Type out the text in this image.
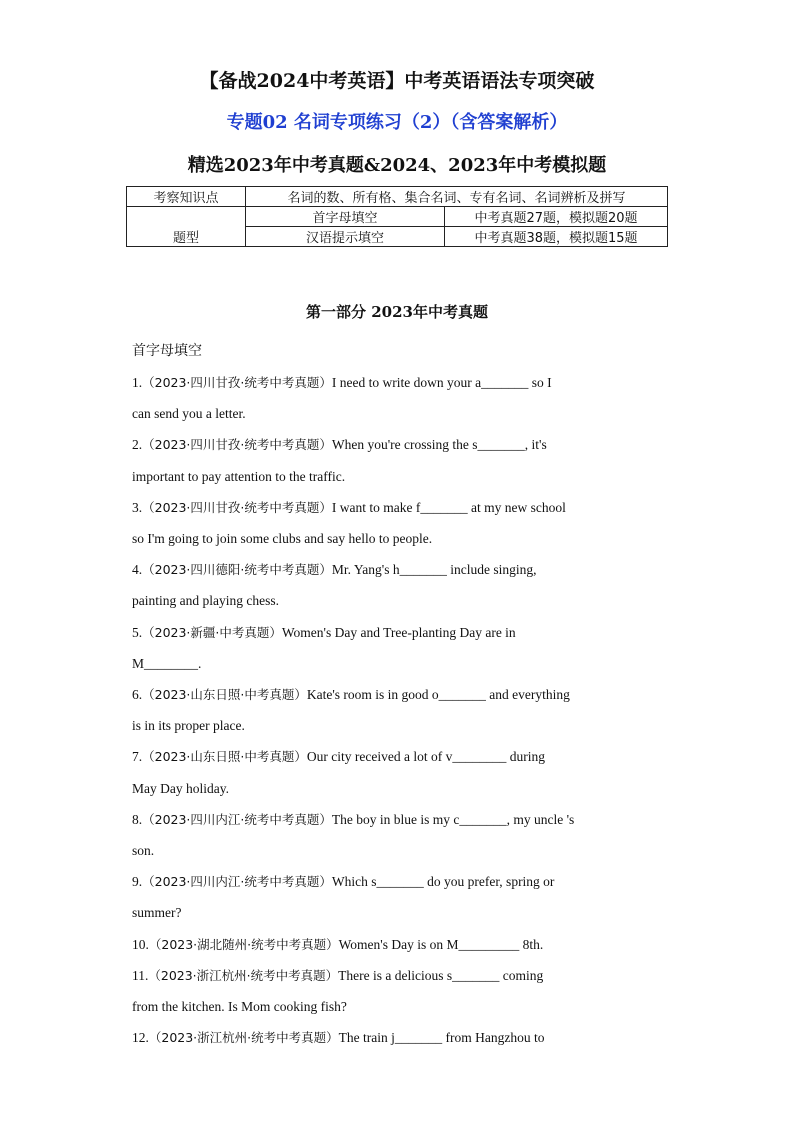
【备战2024中考英语】中考英语语法专项突破
专题02 名词专项练习（2）（含答案解析）
精选2023年中考真题&2024、2023年中考模拟题
考察知识点	名词的数、所有格、集合名词、专有名词、名词辨析及拼写	
题型	首字母填空	中考真题27题，模拟题20题
	汉语提示填空	中考真题38题，模拟题15题
第一部分 2023年中考真题
首字母填空
1.（2023·四川甘孜·统考中考真题）I need to write down your a_______ so I
can send you a letter.
2.（2023·四川甘孜·统考中考真题）When you're crossing the s_______, it's
important to pay attention to the traffic.
3.（2023·四川甘孜·统考中考真题）I want to make f_______ at my new school
so I'm going to join some clubs and say hello to people.
4.（2023·四川德阳·统考中考真题）Mr. Yang's h_______ include singing,
painting and playing chess.
5.（2023·新疆·中考真题）Women's Day and Tree-planting Day are in
M________.
6.（2023·山东日照·中考真题）Kate's room is in good o_______ and everything
is in its proper place.
7.（2023·山东日照·中考真题）Our city received a lot of v________ during
May Day holiday.
8.（2023·四川内江·统考中考真题）The boy in blue is my c_______, my uncle 's
son.
9.（2023·四川内江·统考中考真题）Which s_______ do you prefer, spring or
summer?
10.（2023·湖北随州·统考中考真题）Women's Day is on M_________ 8th.
11.（2023·浙江杭州·统考中考真题）There is a delicious s_______ coming
from the kitchen. Is Mom cooking fish?
12.（2023·浙江杭州·统考中考真题）The train j_______ from Hangzhou to
